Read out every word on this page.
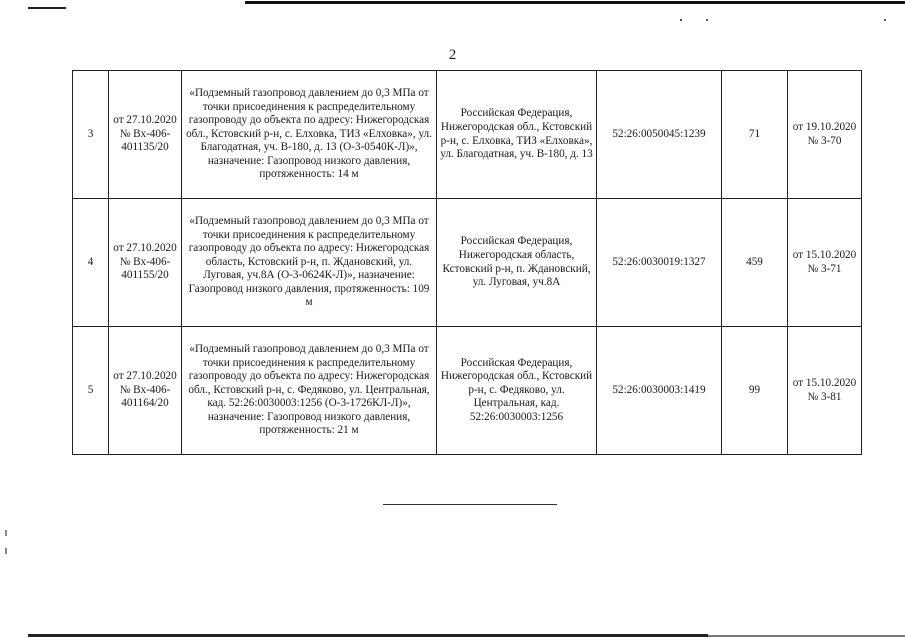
2
3	от 27.10.2020 № Вх-406-401135/20	«Подземный газопровод давлением до 0,3 МПа от точки присоединения к распределительному газопроводу до объекта по адресу: Нижегородская обл., Кстовский р-н, с. Елховка, ТИЗ «Елховка», ул. Благодатная, уч. В-180, д. 13 (О-3-0540К-Л)», назначение: Газопровод низкого давления, протяженность: 14 м	Российская Федерация, Нижегородская обл., Кстовский р-н, с. Елховка, ТИЗ «Елховка», ул. Благодатная, уч. В-180, д. 13	52:26:0050045:1239	71	от 19.10.2020 № 3-70
4	от 27.10.2020 № Вх-406-401155/20	«Подземный газопровод давлением до 0,3 МПа от точки присоединения к распределительному газопроводу до объекта по адресу: Нижегородская область, Кстовский р-н, п. Ждановский, ул. Луговая, уч.8А (О-3-0624К-Л)», назначение: Газопровод низкого давления, протяженность: 109 м	Российская Федерация, Нижегородская область, Кстовский р-н, п. Ждановский, ул. Луговая, уч.8А	52:26:0030019:1327	459	от 15.10.2020 № 3-71
5	от 27.10.2020 № Вх-406-401164/20	«Подземный газопровод давлением до 0,3 МПа от точки присоединения к распределительному газопроводу до объекта по адресу: Нижегородская обл., Кстовский р-н, с. Федяково, ул. Центральная, кад. 52:26:0030003:1256 (О-3-1726КЛ-Л)», назначение: Газопровод низкого давления, протяженность: 21 м	Российская Федерация, Нижегородская обл., Кстовский р-н, с. Федяково, ул. Центральная, кад. 52:26:0030003:1256	52:26:0030003:1419	99	от 15.10.2020 № 3-81
